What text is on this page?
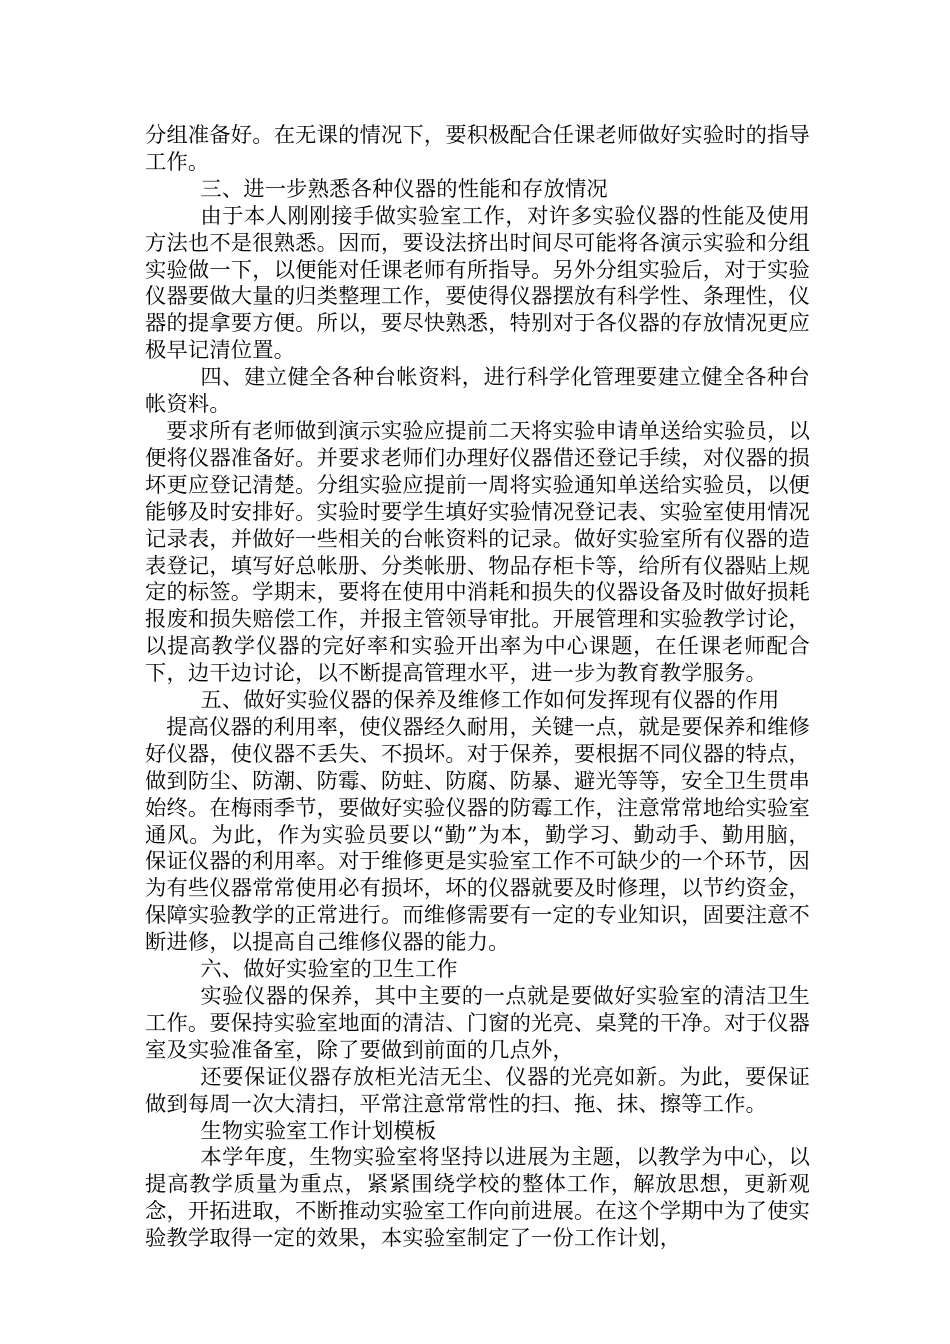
分组准备好。在无课的情况下，要积极配合任课老师做好实验时的指导工作。

三、进一步熟悉各种仪器的性能和存放情况

由于本人刚刚接手做实验室工作，对许多实验仪器的性能及使用方法也不是很熟悉。因而，要设法挤出时间尽可能将各演示实验和分组实验做一下，以便能对任课老师有所指导。另外分组实验后，对于实验仪器要做大量的归类整理工作，要使得仪器摆放有科学性、条理性，仪器的提拿要方便。所以，要尽快熟悉，特别对于各仪器的存放情况更应极早记清位置。

四、建立健全各种台帐资料，进行科学化管理要建立健全各种台帐资料。

要求所有老师做到演示实验应提前二天将实验申请单送给实验员，以便将仪器准备好。并要求老师们办理好仪器借还登记手续，对仪器的损坏更应登记清楚。分组实验应提前一周将实验通知单送给实验员，以便能够及时安排好。实验时要学生填好实验情况登记表、实验室使用情况记录表，并做好一些相关的台帐资料的记录。做好实验室所有仪器的造表登记，填写好总帐册、分类帐册、物品存柜卡等，给所有仪器贴上规定的标签。学期末，要将在使用中消耗和损失的仪器设备及时做好损耗报废和损失赔偿工作，并报主管领导审批。开展管理和实验教学讨论，以提高教学仪器的完好率和实验开出率为中心课题，在任课老师配合下，边干边讨论，以不断提高管理水平，进一步为教育教学服务。

五、做好实验仪器的保养及维修工作如何发挥现有仪器的作用

提高仪器的利用率，使仪器经久耐用，关键一点，就是要保养和维修好仪器，使仪器不丢失、不损坏。对于保养，要根据不同仪器的特点，做到防尘、防潮、防霉、防蛀、防腐、防暴、避光等等，安全卫生贯串始终。在梅雨季节，要做好实验仪器的防霉工作，注意常常地给实验室通风。为此，作为实验员要以“勤”为本，勤学习、勤动手、勤用脑，保证仪器的利用率。对于维修更是实验室工作不可缺少的一个环节，因为有些仪器常常使用必有损坏，坏的仪器就要及时修理，以节约资金，保障实验教学的正常进行。而维修需要有一定的专业知识，固要注意不断进修，以提高自己维修仪器的能力。

六、做好实验室的卫生工作

实验仪器的保养，其中主要的一点就是要做好实验室的清洁卫生工作。要保持实验室地面的清洁、门窗的光亮、桌凳的干净。对于仪器室及实验准备室，除了要做到前面的几点外，

还要保证仪器存放柜光洁无尘、仪器的光亮如新。为此，要保证做到每周一次大清扫，平常注意常常性的扫、拖、抹、擦等工作。

生物实验室工作计划模板

本学年度，生物实验室将坚持以进展为主题，以教学为中心，以提高教学质量为重点，紧紧围绕学校的整体工作，解放思想，更新观念，开拓进取，不断推动实验室工作向前进展。在这个学期中为了使实验教学取得一定的效果，本实验室制定了一份工作计划，
